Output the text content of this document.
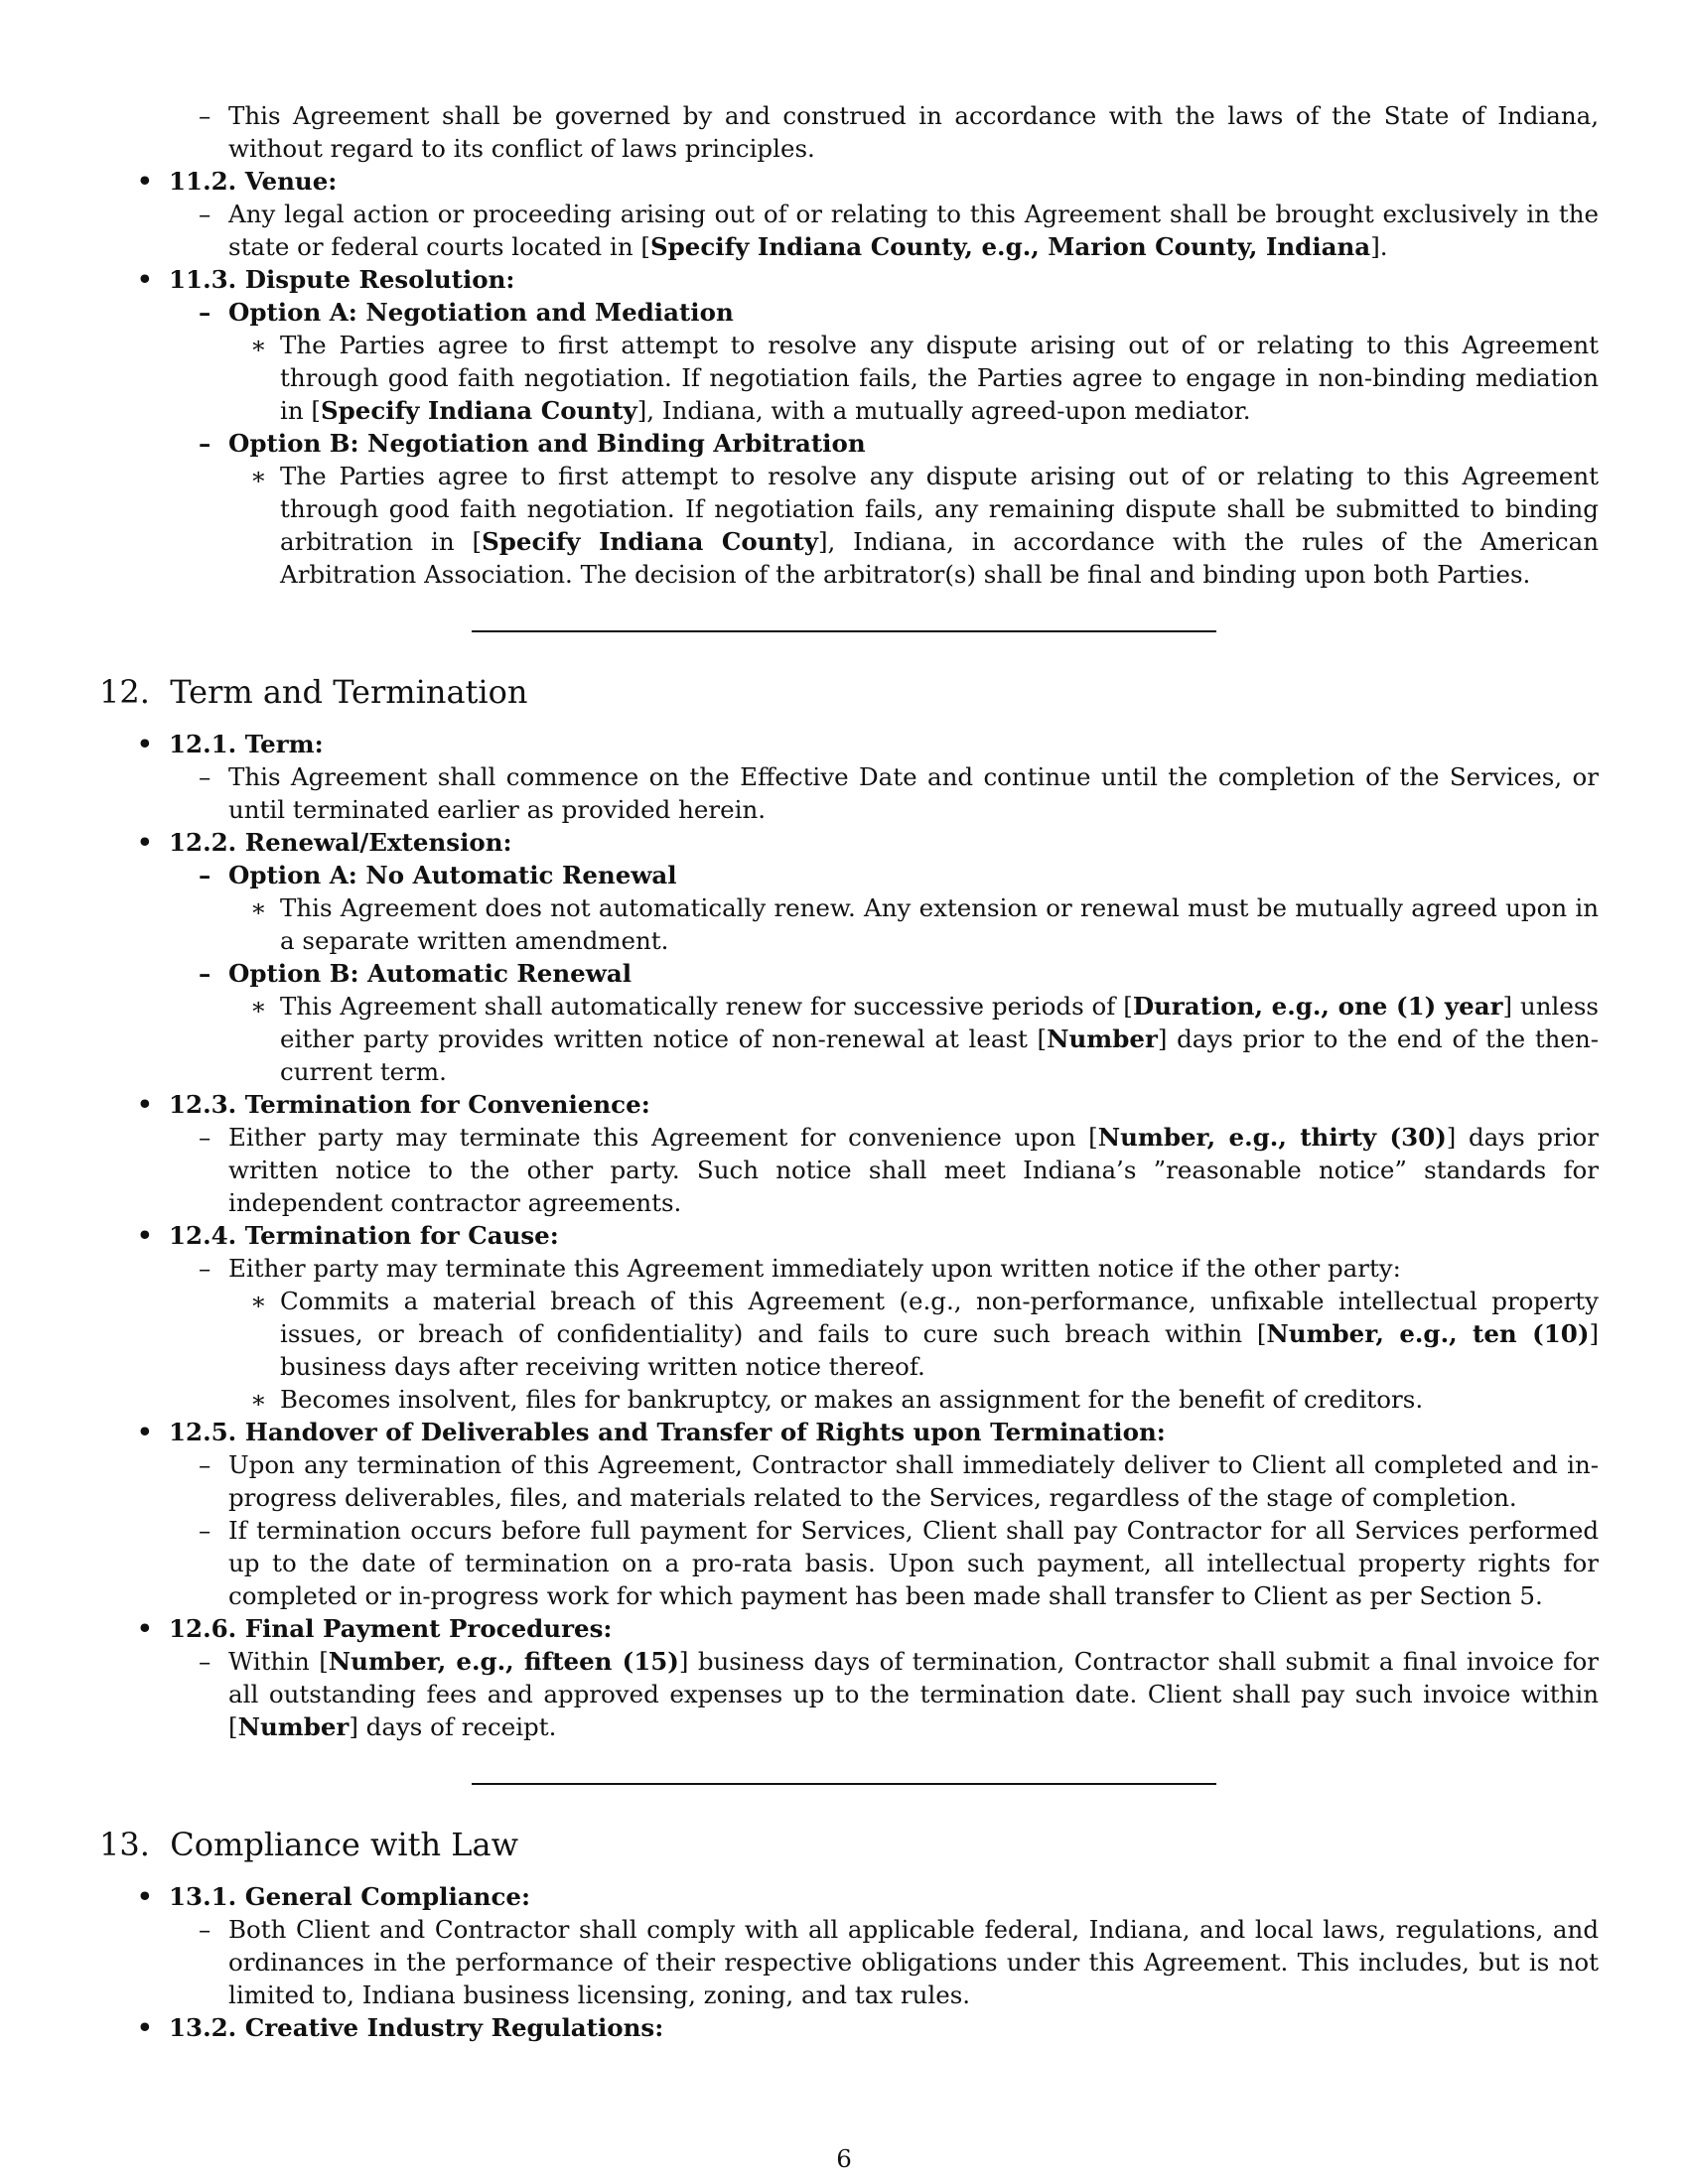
– This Agreement shall be governed by and construed in accordance with the laws of the State of Indiana, without regard to its conflict of laws principles.
• 11.2. Venue:
– Any legal action or proceeding arising out of or relating to this Agreement shall be brought exclusively in the state or federal courts located in [Specify Indiana County, e.g., Marion County, Indiana].
• 11.3. Dispute Resolution:
– Option A: Negotiation and Mediation
∗ The Parties agree to first attempt to resolve any dispute arising out of or relating to this Agreement through good faith negotiation. If negotiation fails, the Parties agree to engage in non-binding mediation in [Specify Indiana County], Indiana, with a mutually agreed-upon mediator.
– Option B: Negotiation and Binding Arbitration
∗ The Parties agree to first attempt to resolve any dispute arising out of or relating to this Agreement through good faith negotiation. If negotiation fails, any remaining dispute shall be submitted to binding arbitration in [Specify Indiana County], Indiana, in accordance with the rules of the American Arbitration Association. The decision of the arbitrator(s) shall be final and binding upon both Parties.
12. Term and Termination
• 12.1. Term:
– This Agreement shall commence on the Effective Date and continue until the completion of the Services, or until terminated earlier as provided herein.
• 12.2. Renewal/Extension:
– Option A: No Automatic Renewal
∗ This Agreement does not automatically renew. Any extension or renewal must be mutually agreed upon in a separate written amendment.
– Option B: Automatic Renewal
∗ This Agreement shall automatically renew for successive periods of [Duration, e.g., one (1) year] unless either party provides written notice of non-renewal at least [Number] days prior to the end of the then-current term.
• 12.3. Termination for Convenience:
– Either party may terminate this Agreement for convenience upon [Number, e.g., thirty (30)] days prior written notice to the other party. Such notice shall meet Indiana’s ”reasonable notice” standards for independent contractor agreements.
• 12.4. Termination for Cause:
– Either party may terminate this Agreement immediately upon written notice if the other party:
∗ Commits a material breach of this Agreement (e.g., non-performance, unfixable intellectual property issues, or breach of confidentiality) and fails to cure such breach within [Number, e.g., ten (10)] business days after receiving written notice thereof.
∗ Becomes insolvent, files for bankruptcy, or makes an assignment for the benefit of creditors.
• 12.5. Handover of Deliverables and Transfer of Rights upon Termination:
– Upon any termination of this Agreement, Contractor shall immediately deliver to Client all completed and in-progress deliverables, files, and materials related to the Services, regardless of the stage of completion.
– If termination occurs before full payment for Services, Client shall pay Contractor for all Services performed up to the date of termination on a pro-rata basis. Upon such payment, all intellectual property rights for completed or in-progress work for which payment has been made shall transfer to Client as per Section 5.
• 12.6. Final Payment Procedures:
– Within [Number, e.g., fifteen (15)] business days of termination, Contractor shall submit a final invoice for all outstanding fees and approved expenses up to the termination date. Client shall pay such invoice within [Number] days of receipt.
13. Compliance with Law
• 13.1. General Compliance:
– Both Client and Contractor shall comply with all applicable federal, Indiana, and local laws, regulations, and ordinances in the performance of their respective obligations under this Agreement. This includes, but is not limited to, Indiana business licensing, zoning, and tax rules.
• 13.2. Creative Industry Regulations:
6
